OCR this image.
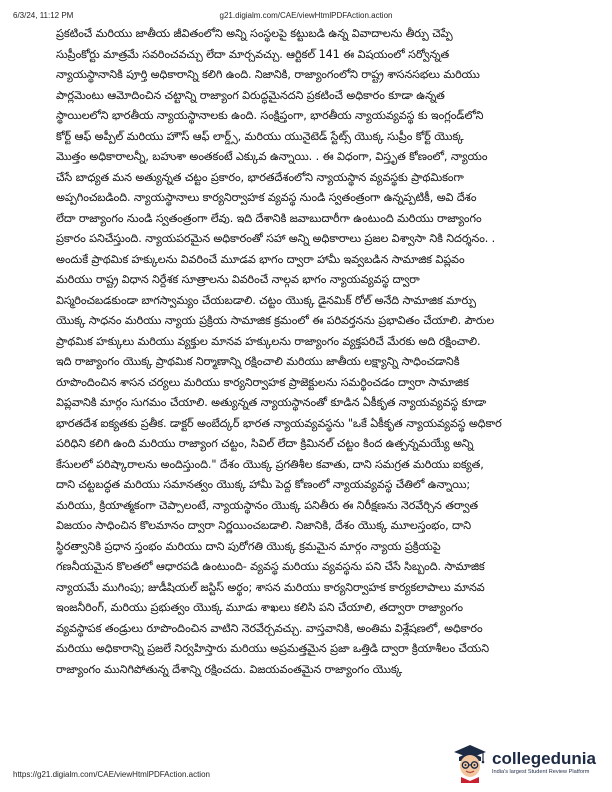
6/3/24, 11:12 PM	g21.digialm.com/CAE/viewHtmlPDFAction.action
ప్రకటించే మరియు జాతీయ జీవితంలోని అన్ని సంస్థలపై కట్టుబడి ఉన్న వివాదాలను తీర్పు చెప్పే
సుప్రీంకోర్టు మాత్రమే సవరించవచ్చు లేదా మార్చవచ్చు. ఆర్టికల్ 141 ఈ విషయంలో సర్వోన్నత
న్యాయస్థానానికి పూర్తి అధికారాన్ని కలిగి ఉంది. నిజానికి, రాజ్యాంగంలోని రాష్ట్ర శాసనసభలు మరియు
పార్లమెంటు ఆమోదించిన చట్టాన్ని రాజ్యాంగ విరుద్ధమైనదని ప్రకటించే అధికారం కూడా ఉన్నత
స్థాయిలలోని భారతీయ న్యాయస్థానాలకు ఉంది. సంక్షిప్తంగా, భారతీయ న్యాయవ్యవస్థ కు ఇంగ్లండ్‌లోని
కోర్ట్ ఆఫ్ అప్పీల్ మరియు హౌస్ ఆఫ్ లార్డ్స్, మరియు యునైటెడ్ స్టేట్స్ యొక్క సుప్రీం కోర్ట్ యొక్క
మొత్తం అధికారాలన్నీ, బహుశా అంతకంటే ఎక్కువ ఉన్నాయి. . ఈ విధంగా, విస్తృత కోణంలో, న్యాయం
చేసే బాధ్యత మన అత్యున్నత చట్టం ప్రకారం, భారతదేశంలోని న్యాయస్థాన వ్యవస్థకు ప్రాథమికంగా
అప్పగించబడింది. న్యాయస్థానాలు కార్యనిర్వాహక వ్యవస్థ నుండి స్వతంత్రంగా ఉన్నప్పటికీ, అవి దేశం
లేదా రాజ్యాంగం నుండి స్వతంత్రంగా లేవు. ఇది దేశానికి జవాబుదారీగా ఉంటుంది మరియు రాజ్యాంగం
ప్రకారం పనిచేస్తుంది. న్యాయపరమైన అధికారంతో సహా అన్ని అధికారాలు ప్రజల విశ్వాసా నికి నిదర్శనం. .
అందుకే ప్రాథమిక హక్కులను వివరించే మూడవ భాగం ద్వారా హామీ ఇవ్వబడిన సామాజిక విప్లవం
మరియు రాష్ట్ర విధాన నిర్దేశక సూత్రాలను వివరించే నాల్గవ భాగం న్యాయవ్యవస్థ ద్వారా
విస్మరించబడకుండా బాగస్వామ్యం చేయబడాలి. చట్టం యొక్క డైనమిక్ రోల్ అనేది సామాజిక మార్పు
యొక్క సాధనం మరియు న్యాయ ప్రక్రియ సామాజిక క్రమంలో ఈ పరివర్తనను ప్రభావితం చేయాలి. పౌరుల
ప్రాథమిక హక్కులు మరియు వ్యక్తుల మానవ హక్కులను రాజ్యాంగం వ్యక్తపరిచే మేరకు అది రక్షించాలి.
ఇది రాజ్యాంగం యొక్క ప్రాథమిక నిర్మాణాన్ని రక్షించాలి మరియు జాతీయ లక్ష్యాన్ని సాధించడానికి
రూపొందించిన శాసన చర్యలు మరియు కార్యనిర్వాహక ప్రాజెక్టులను సమర్థించడం ద్వారా సామాజిక
విప్లవానికి మార్గం సుగమం చేయాలి. అత్యున్నత న్యాయస్థానంతో కూడిన ఏకీకృత న్యాయవ్యవస్థ కూడా
భారతదేశ ఐక్యతకు ప్రతీక. డాక్టర్ అంబేద్కర్ భారత న్యాయవ్యవస్థను "ఒకే ఏకీకృత న్యాయవ్యవస్థ అధికార
పరిధిని కలిగి ఉంది మరియు రాజ్యాంగ చట్టం, సివిల్ లేదా క్రిమినల్ చట్టం కింద ఉత్పన్నమయ్యే అన్ని
కేసులలో పరిష్కారాలను అందిస్తుంది." దేశం యొక్క ప్రగతిశీల కవాతు, దాని సమగ్రత మరియు ఐక్యత,
దాని చట్టబద్ధత మరియు సమానత్వం యొక్క హామీ పెద్ద కోణంలో న్యాయవ్యవస్థ చేతిలో ఉన్నాయి;
మరియు, క్రియాత్మకంగా చెప్పాలంటే, న్యాయస్థానం యొక్క పనితీరు ఈ నిరీక్షణను నెరవేర్చిన తర్వాత
విజయం సాధించిన కొలమానం ద్వారా నిర్ణయించబడాలి. నిజానికి, దేశం యొక్క మూలస్తంభం, దాని
స్థిరత్వానికి ప్రధాన స్తంభం మరియు దాని పురోగతి యొక్క క్రమమైన మార్గం న్యాయ ప్రక్రియపై
గణనీయమైన కొలతలో ఆధారపడి ఉంటుంది- వ్యవస్థ మరియు వ్యవస్థను పని చేసే సిబ్బంది. సామాజిక
న్యాయమే ముగింపు; జుడీషియల్ జస్టిస్ అర్థం; శాసన మరియు కార్యనిర్వాహక కార్యకలాపాలు మానవ
ఇంజనీరింగ్, మరియు ప్రభుత్వం యొక్క మూడు శాఖలు కలిసి పని చేయాలి, తద్వారా రాజ్యాంగం
వ్యవస్థాపక తండ్రులు రూపొందించిన వాటిని నెరవేర్చవచ్చు. వాస్తవానికి, అంతిమ విశ్లేషణలో, అధికారం
మరియు అధికారాన్ని ప్రజలే నిర్వహిస్తారు మరియు అప్రమత్తమైన ప్రజా ఒత్తిడి ద్వారా క్రియాశీలం చేయని
రాజ్యాంగం మునిగిపోతున్న దేశాన్ని రక్షించదు. విజయవంతమైన రాజ్యాంగం యొక్క
https://g21.digialm.com/CAE/viewHtmlPDFAction.action
collegedunia
India's largest Student Review Platform
